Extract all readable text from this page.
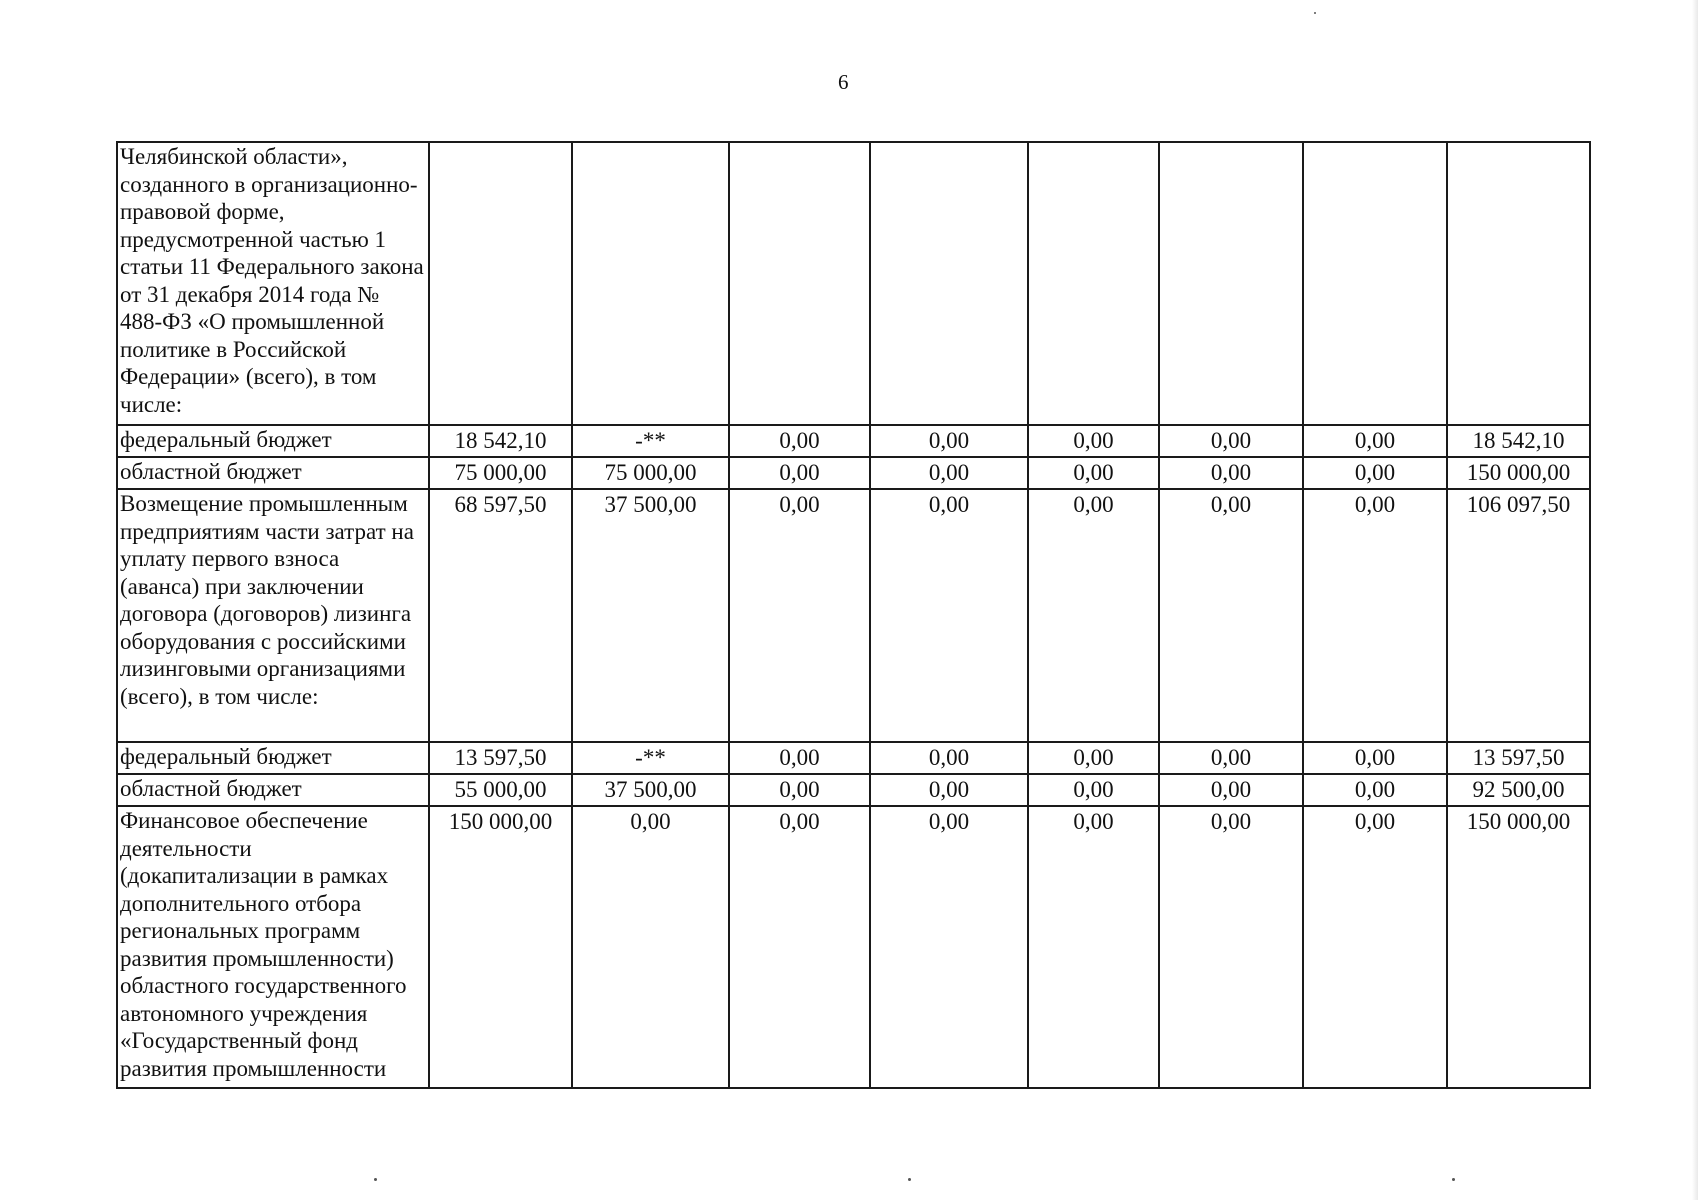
6
Челябинской области», созданного в организационно-правовой форме, предусмотренной частью 1 статьи 11 Федерального закона от 31 декабря 2014 года № 488-ФЗ «О промышленной политике в Российской Федерации» (всего), в том числе:								
федеральный бюджет	18 542,10	-**	0,00	0,00	0,00	0,00	0,00	18 542,10
областной бюджет	75 000,00	75 000,00	0,00	0,00	0,00	0,00	0,00	150 000,00
Возмещение промышленным предприятиям части затрат на уплату первого взноса (аванса) при заключении договора (договоров) лизинга оборудования с российскими лизинговыми организациями (всего), в том числе:	68 597,50	37 500,00	0,00	0,00	0,00	0,00	0,00	106 097,50
федеральный бюджет	13 597,50	-**	0,00	0,00	0,00	0,00	0,00	13 597,50
областной бюджет	55 000,00	37 500,00	0,00	0,00	0,00	0,00	0,00	92 500,00
Финансовое обеспечение деятельности (докапитализации в рамках дополнительного отбора региональных программ развития промышленности) областного государственного автономного учреждения «Государственный фонд развития промышленности	150 000,00	0,00	0,00	0,00	0,00	0,00	0,00	150 000,00
